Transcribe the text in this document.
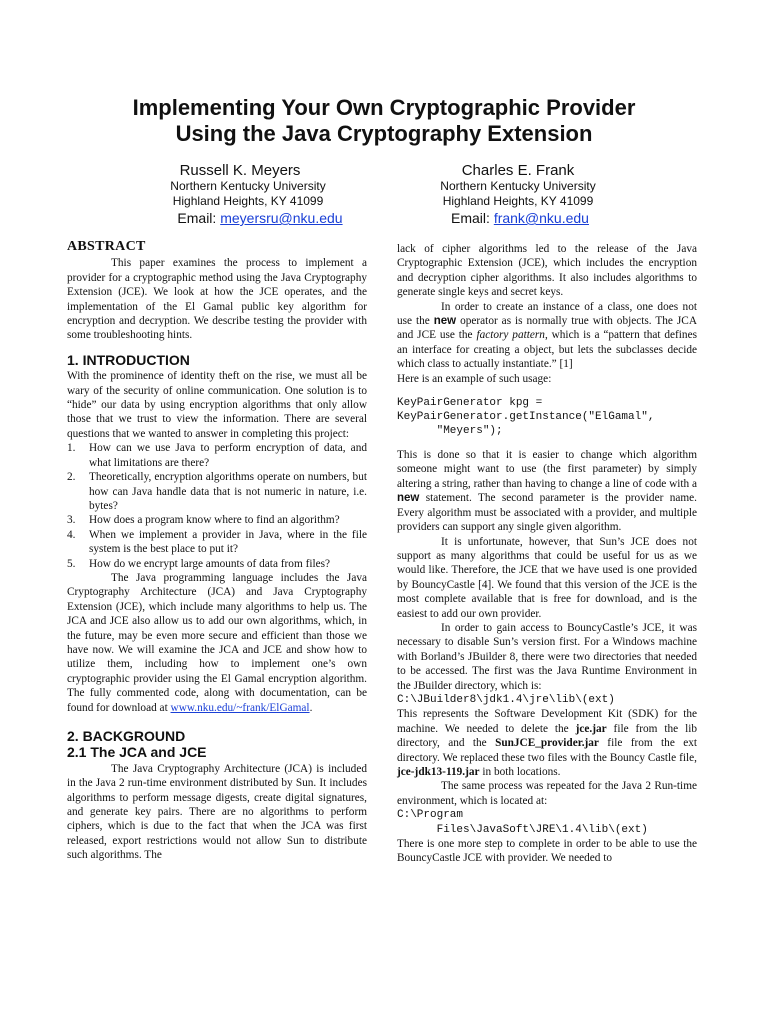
Implementing Your Own Cryptographic Provider
Using the Java Cryptography Extension
Russell K. Meyers
Northern Kentucky University
Highland Heights, KY 41099
Email: meyersru@nku.edu
Charles E. Frank
Northern Kentucky University
Highland Heights, KY 41099
Email: frank@nku.edu
ABSTRACT

This paper examines the process to implement a provider for a cryptographic method using the Java Cryptography Extension (JCE). We look at how the JCE operates, and the implementation of the El Gamal public key algorithm for encryption and decryption. We describe testing the provider with some troubleshooting hints.

1. INTRODUCTION

With the prominence of identity theft on the rise, we must all be wary of the security of online communication. One solution is to “hide” our data by using encryption algorithms that only allow those that we trust to view the information. There are several questions that we wanted to answer in completing this project:

1. How can we use Java to perform encryption of data, and what limitations are there?
2. Theoretically, encryption algorithms operate on numbers, but how can Java handle data that is not numeric in nature, i.e. bytes?
3. How does a program know where to find an algorithm?
4. When we implement a provider in Java, where in the file system is the best place to put it?
5. How do we encrypt large amounts of data from files?

The Java programming language includes the Java Cryptography Architecture (JCA) and Java Cryptography Extension (JCE), which include many algorithms to help us. The JCA and JCE also allow us to add our own algorithms, which, in the future, may be even more secure and efficient than those we have now. We will examine the JCA and JCE and show how to utilize them, including how to implement one’s own cryptographic provider using the El Gamal encryption algorithm. The fully commented code, along with documentation, can be found for download at www.nku.edu/~frank/ElGamal.

2. BACKGROUND
2.1 The JCA and JCE

The Java Cryptography Architecture (JCA) is included in the Java 2 run-time environment distributed by Sun. It includes algorithms to perform message digests, create digital signatures, and generate key pairs. There are no algorithms to perform ciphers, which is due to the fact that when the JCA was first released, export restrictions would not allow Sun to distribute such algorithms. The

lack of cipher algorithms led to the release of the Java Cryptographic Extension (JCE), which includes the encryption and decryption cipher algorithms. It also includes algorithms to generate single keys and secret keys.

In order to create an instance of a class, one does not use the new operator as is normally true with objects. The JCA and JCE use the factory pattern, which is a “pattern that defines an interface for creating a object, but lets the subclasses decide which class to actually instantiate.” [1]

Here is an example of such usage:

KeyPairGenerator kpg =
KeyPairGenerator.getInstance("ElGamal",
"Meyers");

This is done so that it is easier to change which algorithm someone might want to use (the first parameter) by simply altering a string, rather than having to change a line of code with a new statement. The second parameter is the provider name. Every algorithm must be associated with a provider, and multiple providers can support any single given algorithm.

It is unfortunate, however, that Sun’s JCE does not support as many algorithms that could be useful for us as we would like. Therefore, the JCE that we have used is one provided by BouncyCastle [4]. We found that this version of the JCE is the most complete available that is free for download, and is the easiest to add our own provider.

In order to gain access to BouncyCastle’s JCE, it was necessary to disable Sun’s version first. For a Windows machine with Borland’s JBuilder 8, there were two directories that needed to be accessed. The first was the Java Runtime Environment in the JBuilder directory, which is:

C:\JBuilder8\jdk1.4\jre\lib\(ext)

This represents the Software Development Kit (SDK) for the machine. We needed to delete the jce.jar file from the lib directory, and the SunJCE_provider.jar file from the ext directory. We replaced these two files with the Bouncy Castle file, jce-jdk13-119.jar in both locations.

The same process was repeated for the Java 2 Run-time environment, which is located at:

C:\Program
Files\JavaSoft\JRE\1.4\lib\(ext)

There is one more step to complete in order to be able to use the BouncyCastle JCE with provider. We needed to
